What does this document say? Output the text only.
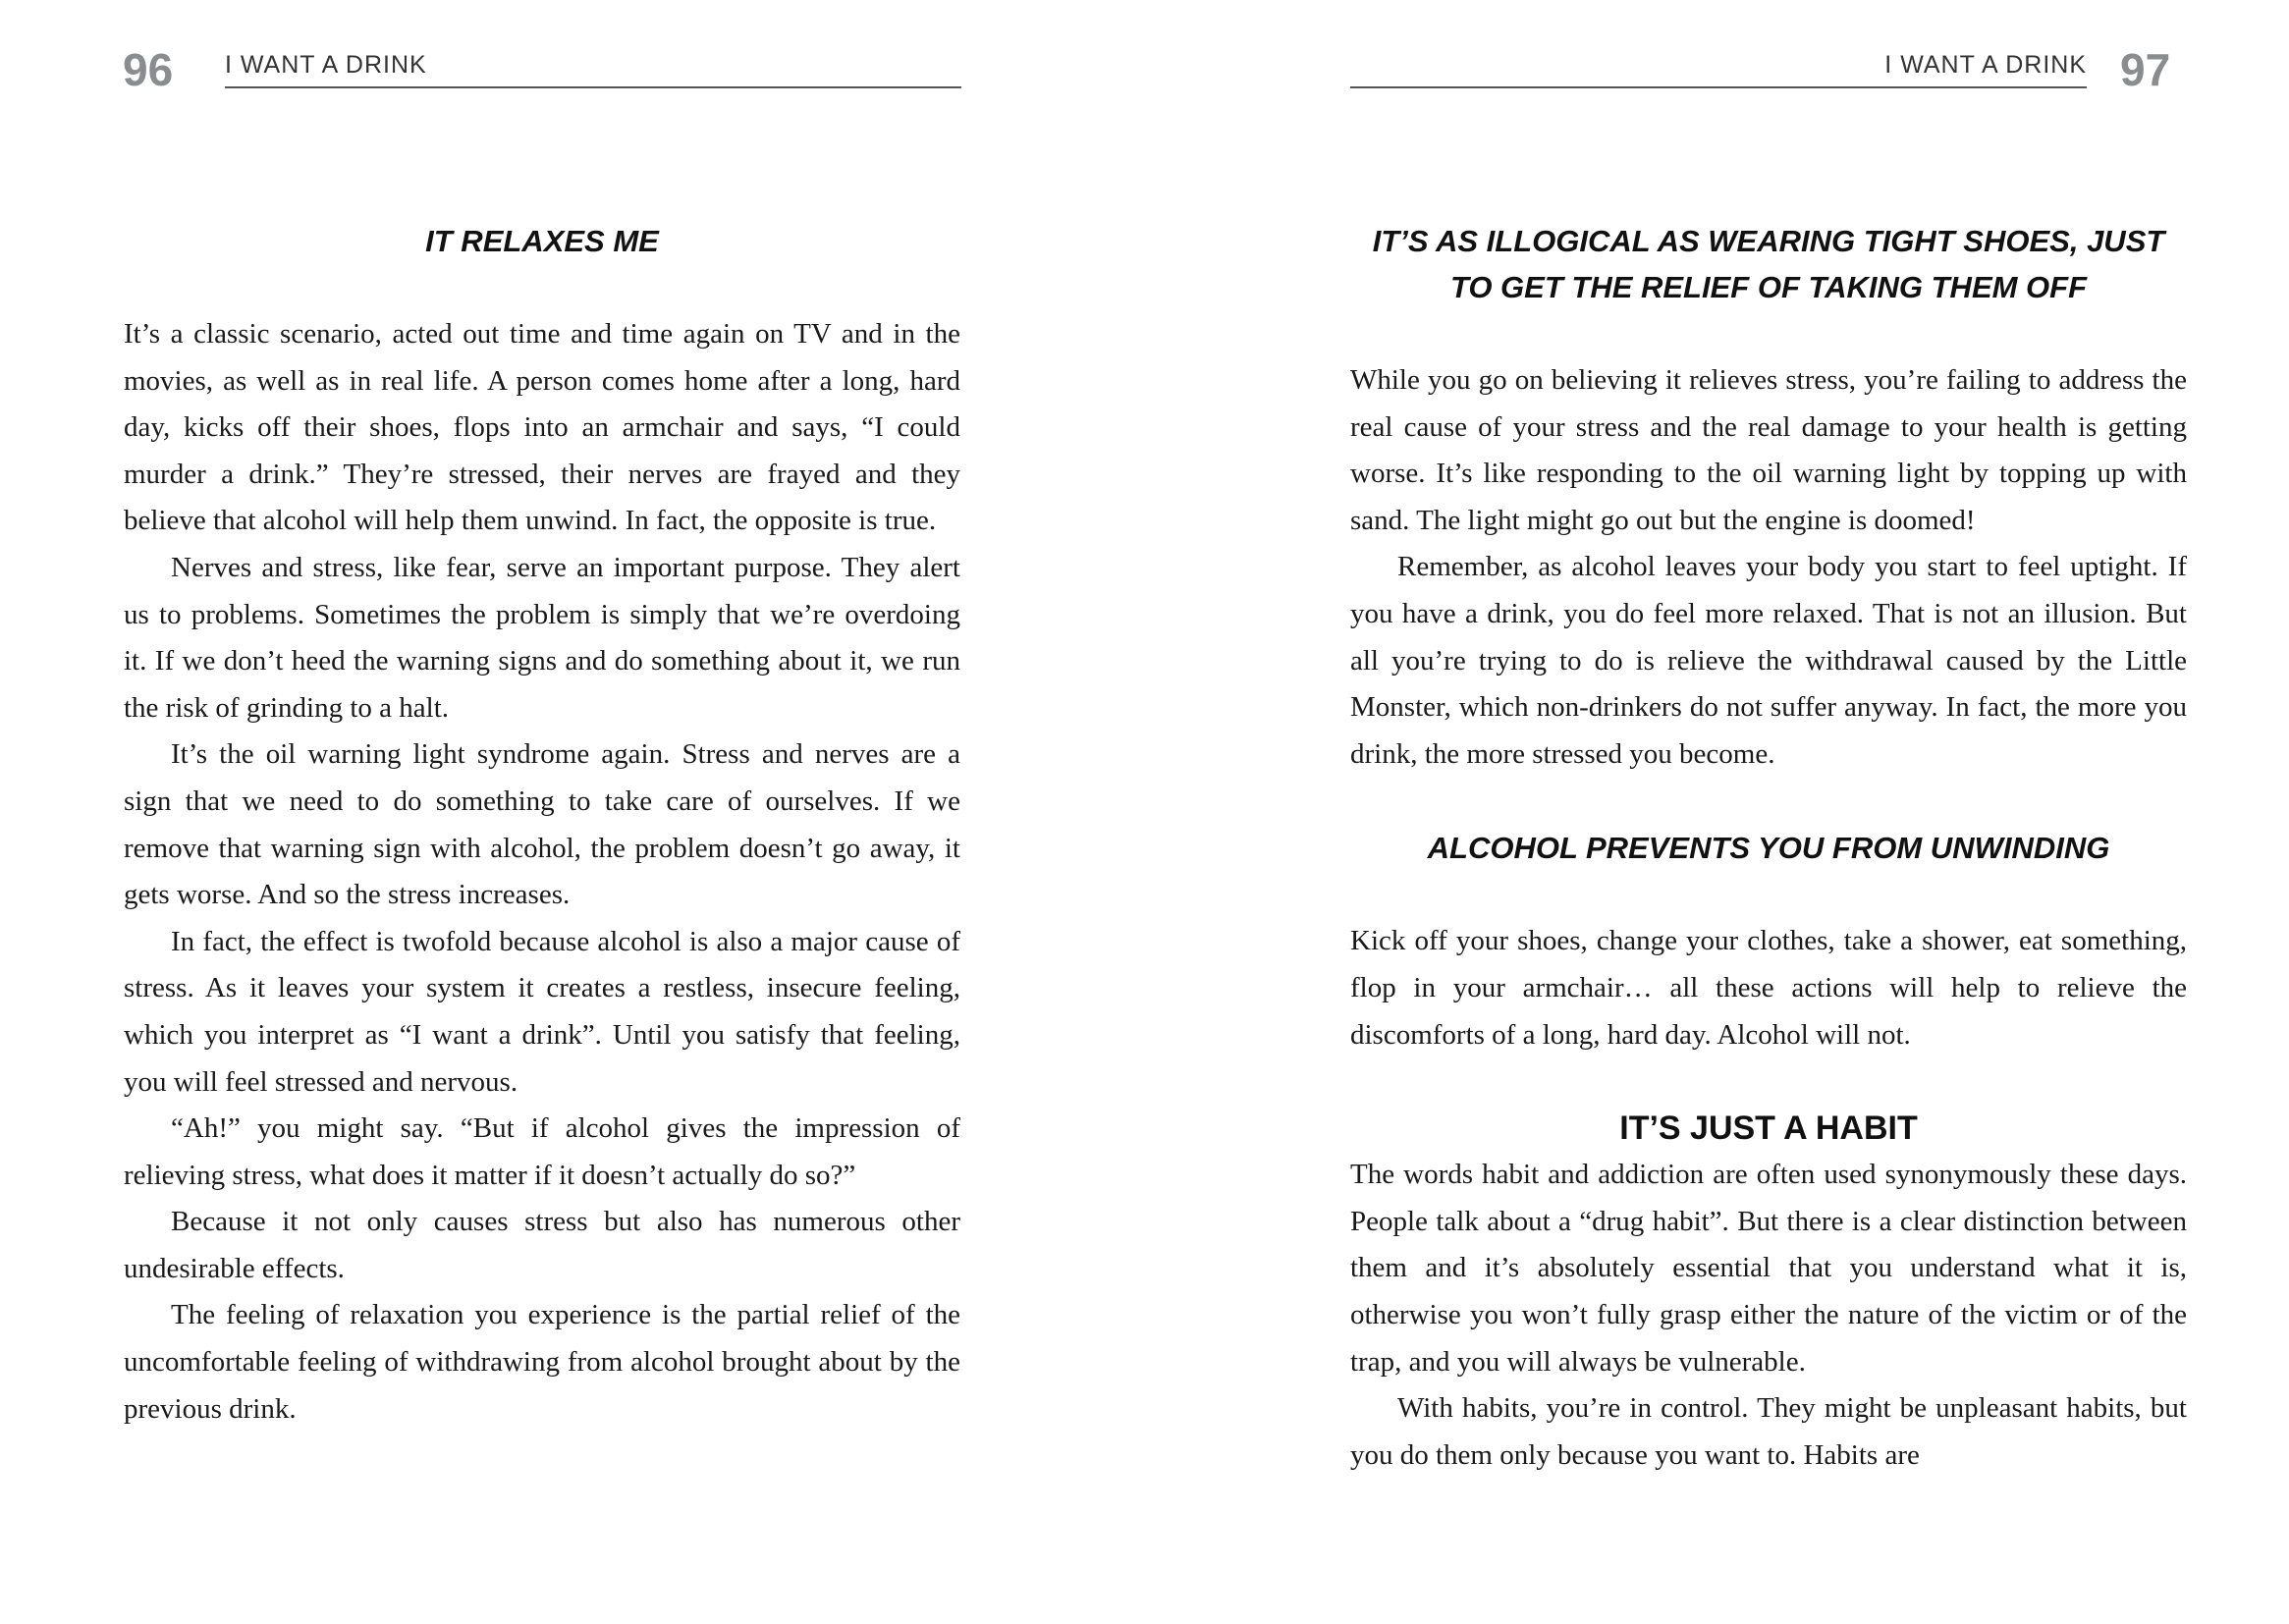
96 I WANT A DRINK
IT RELAXES ME

It’s a classic scenario, acted out time and time again on TV and in the movies, as well as in real life. A person comes home after a long, hard day, kicks off their shoes, flops into an armchair and says, “I could murder a drink.” They’re stressed, their nerves are frayed and they believe that alcohol will help them unwind. In fact, the opposite is true.

Nerves and stress, like fear, serve an important purpose. They alert us to problems. Sometimes the problem is simply that we’re overdoing it. If we don’t heed the warning signs and do something about it, we run the risk of grinding to a halt.

It’s the oil warning light syndrome again. Stress and nerves are a sign that we need to do something to take care of ourselves. If we remove that warning sign with alcohol, the problem doesn’t go away, it gets worse. And so the stress increases.

In fact, the effect is twofold because alcohol is also a major cause of stress. As it leaves your system it creates a restless, insecure feeling, which you interpret as “I want a drink”. Until you satisfy that feeling, you will feel stressed and nervous.

“Ah!” you might say. “But if alcohol gives the impression of relieving stress, what does it matter if it doesn’t actually do so?”

Because it not only causes stress but also has numerous other undesirable effects.

The feeling of relaxation you experience is the partial relief of the uncomfortable feeling of withdrawing from alcohol brought about by the previous drink.

I WANT A DRINK 97
IT’S AS ILLOGICAL AS WEARING TIGHT SHOES, JUST TO GET THE RELIEF OF TAKING THEM OFF

While you go on believing it relieves stress, you’re failing to address the real cause of your stress and the real damage to your health is getting worse. It’s like responding to the oil warning light by topping up with sand. The light might go out but the engine is doomed!

Remember, as alcohol leaves your body you start to feel uptight. If you have a drink, you do feel more relaxed. That is not an illusion. But all you’re trying to do is relieve the withdrawal caused by the Little Monster, which non-drinkers do not suffer anyway. In fact, the more you drink, the more stressed you become.

ALCOHOL PREVENTS YOU FROM UNWINDING

Kick off your shoes, change your clothes, take a shower, eat something, flop in your armchair… all these actions will help to relieve the discomforts of a long, hard day. Alcohol will not.

IT’S JUST A HABIT

The words habit and addiction are often used synonymously these days. People talk about a “drug habit”. But there is a clear distinction between them and it’s absolutely essential that you understand what it is, otherwise you won’t fully grasp either the nature of the victim or of the trap, and you will always be vulnerable.

With habits, you’re in control. They might be unpleasant habits, but you do them only because you want to. Habits are
